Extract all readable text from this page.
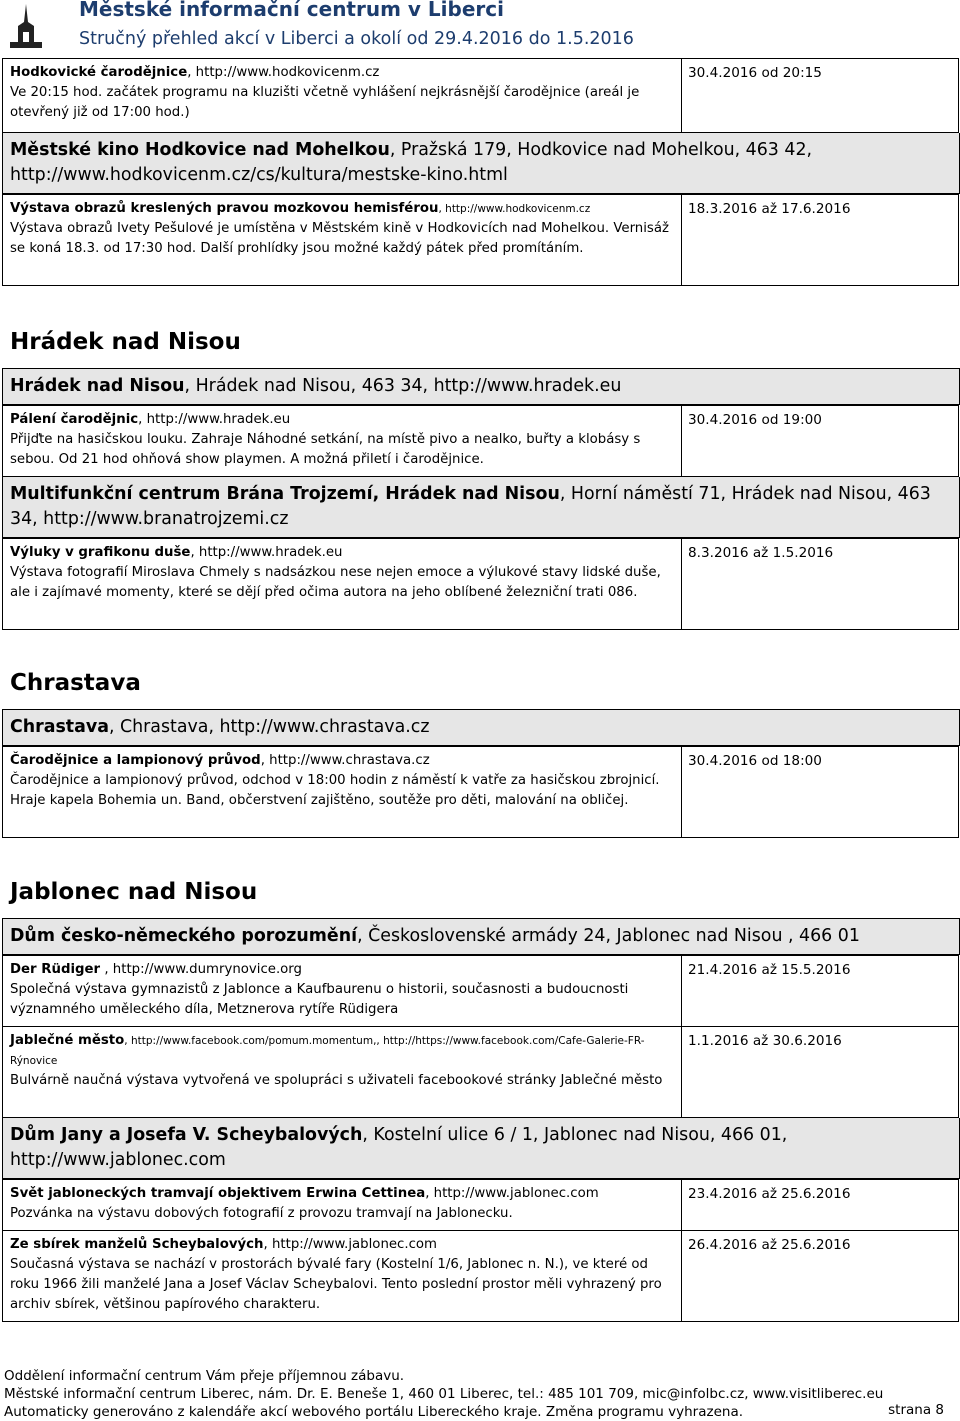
Městské informační centrum v Liberci
Stručný přehled akcí v Liberci a okolí od 29.4.2016 do 1.5.2016
Hodkovické čarodějnice, http://www.hodkovicenm.cz
Ve 20:15 hod. začátek programu na kluzišti včetně vyhlášení nejkrásnější čarodějnice (areál je otevřený již od 17:00 hod.)	30.4.2016 od 20:15
Městské kino Hodkovice nad Mohelkou, Pražská 179, Hodkovice nad Mohelkou, 463 42, http://www.hodkovicenm.cz/cs/kultura/mestske-kino.html
Výstava obrazů kreslených pravou mozkovou hemisférou, http://www.hodkovicenm.cz
Výstava obrazů Ivety Pešulové je umístěna v Městském kině v Hodkovicích nad Mohelkou. Vernisáž se koná 18.3. od 17:30 hod. Další prohlídky jsou možné každý pátek před promítáním.	18.3.2016 až 17.6.2016
Hrádek nad Nisou
Hrádek nad Nisou, Hrádek nad Nisou, 463 34, http://www.hradek.eu
Pálení čarodějnic, http://www.hradek.eu
Přijďte na hasičskou louku. Zahraje Náhodné setkání, na místě pivo a nealko, buřty a klobásy s sebou. Od 21 hod ohňová show playmen. A možná přiletí i čarodějnice.	30.4.2016 od 19:00
Multifunkční centrum Brána Trojzemí, Hrádek nad Nisou, Horní náměstí 71, Hrádek nad Nisou, 463 34, http://www.branatrojzemi.cz
Výluky v grafikonu duše, http://www.hradek.eu
Výstava fotografií Miroslava Chmely s nadsázkou nese nejen emoce a výlukové stavy lidské duše, ale i zajímavé momenty, které se dějí před očima autora na jeho oblíbené železniční trati 086.	8.3.2016 až 1.5.2016
Chrastava
Chrastava, Chrastava, http://www.chrastava.cz
Čarodějnice a lampionový průvod, http://www.chrastava.cz
Čarodějnice a lampionový průvod, odchod v 18:00 hodin z náměstí k vatře za hasičskou zbrojnicí. Hraje kapela Bohemia un. Band, občerstvení zajištěno, soutěže pro děti, malování na obličej.	30.4.2016 od 18:00
Jablonec nad Nisou
Dům česko-německého porozumění, Československé armády 24, Jablonec nad Nisou , 466 01
Der Rüdiger , http://www.dumrynovice.org
Společná výstava gymnazistů z Jablonce a Kaufbaurenu o historii, současnosti a budoucnosti významného uměleckého díla, Metznerova rytíře Rüdigera	21.4.2016 až 15.5.2016
Jablečné město, http://www.facebook.com/pomum.momentum,, http://https://www.facebook.com/Cafe-Galerie-FR-Rýnovice
Bulvárně naučná výstava vytvořená ve spolupráci s uživateli facebookové stránky Jablečné město	1.1.2016 až 30.6.2016
Dům Jany a Josefa V. Scheybalových, Kostelní ulice 6 / 1, Jablonec nad Nisou, 466 01, http://www.jablonec.com
Svět jabloneckých tramvají objektivem Erwina Cettinea, http://www.jablonec.com
Pozvánka na výstavu dobových fotografií z provozu tramvají na Jablonecku.	23.4.2016 až 25.6.2016
Ze sbírek manželů Scheybalových, http://www.jablonec.com
Současná výstava se nachází v prostorách bývalé fary (Kostelní 1/6, Jablonec n. N.), ve které od roku 1966 žili manželé Jana a Josef Václav Scheybalovi. Tento poslední prostor měli vyhrazený pro archiv sbírek, většinou papírového charakteru.	26.4.2016 až 25.6.2016
Oddělení informační centrum Vám přeje příjemnou zábavu.
Městské informační centrum Liberec, nám. Dr. E. Beneše 1, 460 01 Liberec, tel.: 485 101 709, mic@infolbc.cz, www.visitliberec.eu
Automaticky generováno z kalendáře akcí webového portálu Libereckého kraje. Změna programu vyhrazena.	strana 8
